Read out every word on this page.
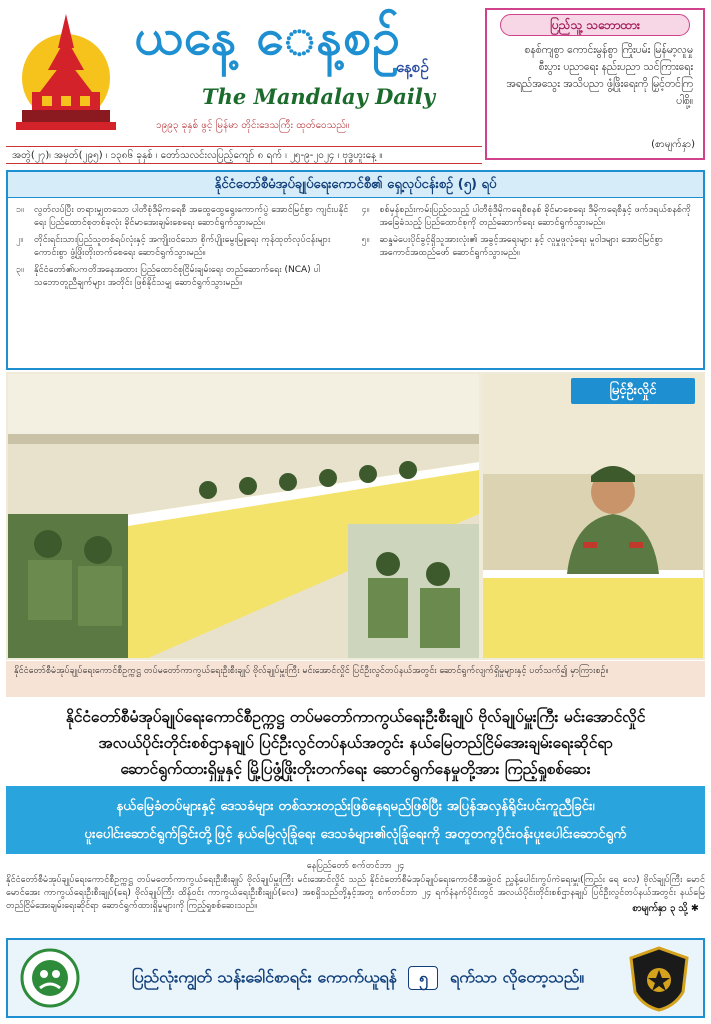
ယနေ့ ေန့စဉ်
နေ့စဉ်
The Mandalay Daily
၁၉၉၃ ခုနှစ် ဖွင့် မြန်မာ တိုင်းဒေသကြီး ထုတ်ဝေသည်။
ပြည်သူ့ သဘောထား

စနစ်ကျစွာ ကောင်းမွန်စွာ ကြိုးပမ်း မြန်မာ့လူမှု စီးပွား ပညာရေး နည်းပညာ သင်ကြားရေး အရည်အသွေး အသိပညာ ဖွံ့ဖြိုးရေးကို မြှင့်တင်ကြပါစို့။

(စာမျက်နှာ)
အတွဲ(၂၇)၊ အမှတ်(၂၉၅) ၊ ၁၃၈၆ ခုနှစ် ၊ တော်သလင်းလပြည့်ကျော် ၈ ရက် ၊ ၂၅-၉-၂၀၂၄ ၊ ဗုဒ္ဓဟူးနေ့ ။
နိုင်ငံတော်စီမံအုပ်ချုပ်ရေးကောင်စီ၏ ရှေ့လုပ်ငန်းစဉ် (၅) ရပ်
၁။	လွတ်လပ်ပြီး တရားမျှတသော ပါတီစုံဒီမိုကရေစီ အထွေထွေရွေးကောက်ပွဲ အောင်မြင်စွာ ကျင်းပနိုင်ရေး ပြည်ထောင်စုတစ်ခုလုံး ခိုင်မာအေးချမ်းစေရေး ဆောင်ရွက်သွားမည်။
၂။	တိုင်းရင်းသားပြည်သူတစ်ရပ်လုံးနှင့် အကျိုးဝင်သော စိုက်ပျိုးမွေးမြူရေး ကုန်ထုတ်လုပ်ငန်းများ ကောင်းစွာ ဖွံ့ဖြိုးတိုးတက်စေရေး ဆောင်ရွက်သွားမည်။
၃။	နိုင်ငံတော်၏ပကတိအနေအထား ပြည်ထောင်စုငြိမ်းချမ်းရေး တည်ဆောက်ရေး (NCA) ပါ သဘောတူညီချက်များ အတိုင်း ဖြစ်နိုင်သမျှ ဆောင်ရွက်သွားမည်။
၄။	စစ်မှန်စည်းကမ်းပြည့်ဝသည့် ပါတီစုံဒီမိုကရေစီစနစ် ခိုင်မာစေရေး ဒီမိုကရေစီနှင့် ဖက်ဒရယ်စနစ်ကို အခြေခံသည့် ပြည်ထောင်စုကို တည်ဆောက်ရေး ဆောင်ရွက်သွားမည်။
၅။	ဆန္ဒမဲပေးပိုင်ခွင့်ရှိသူအားလုံး၏ အခွင့်အရေးများ နှင့် လူမှုဖူလုံရေး မူဝါဒများ အောင်မြင်စွာ အကောင်အထည်ဖော် ဆောင်ရွက်သွားမည်။
မြင့်ဦးလှိုင်
နိုင်ငံတော်စီမံအုပ်ချုပ်ရေးကောင်စီဥက္ကဋ္ဌ တပ်မတော်ကာကွယ်ရေးဦးစီးချုပ် ဗိုလ်ချုပ်မှူးကြီး မင်းအောင်လှိုင် ပြင်ဦးလွင်တပ်နယ်အတွင်း ဆောင်ရွက်လျက်ရှိမှုများနှင့် ပတ်သက်၍ မှာကြားစဉ်။
နိုင်ငံတော်စီမံအုပ်ချုပ်ရေးကောင်စီဥက္ကဋ္ဌ တပ်မတော်ကာကွယ်ရေးဦးစီးချုပ် ဗိုလ်ချုပ်မှူးကြီး မင်းအောင်လှိုင်
အလယ်ပိုင်းတိုင်းစစ်ဌာနချုပ် ပြင်ဦးလွင်တပ်နယ်အတွင်း နယ်မြေတည်ငြိမ်အေးချမ်းရေးဆိုင်ရာ
ဆောင်ရွက်ထားရှိမှုနှင့် မြို့ပြဖွံ့ဖြိုးတိုးတက်ရေး ဆောင်ရွက်နေမှုတို့အား ကြည့်ရှုစစ်ဆေး
နယ်မြေခံတပ်များနှင့် ဒေသခံများ တစ်သားတည်းဖြစ်နေရမည်ဖြစ်ပြီး အပြန်အလှန်ရိုင်းပင်းကူညီခြင်း၊
ပူးပေါင်းဆောင်ရွက်ခြင်းတို့ဖြင့် နယ်မြေလုံခြုံရေး ဒေသခံများ၏လုံခြုံရေးကို အတူတကွပိုင်းဝန်းပူးပေါင်းဆောင်ရွက်
နေပြည်တော် စက်တင်ဘာ ၂၄

နိုင်ငံတော်စီမံအုပ်ချုပ်ရေးကောင်စီဥက္ကဋ္ဌ တပ်မတော်ကာကွယ်ရေးဦးစီးချုပ် ဗိုလ်ချုပ်မှူးကြီး မင်းအောင်လှိုင် သည် နိုင်ငံတော်စီမံအုပ်ချုပ်ရေးကောင်စီအဖွဲ့ဝင် ညွှန့်ပေါင်းကွပ်ကဲရေးမှူး(ကြည်း ရေ လေ) ဗိုလ်ချုပ်ကြီး မောင်မောင်အေး ကာကွယ်ရေးဦးစီးချုပ်(ရေ) ဗိုလ်ချုပ်ကြီး ထိန်ဝင်း ကာကွယ်ရေးဦးစီးချုပ်(လေ) အစရှိသည်တို့နှင့်အတူ စက်တင်ဘာ ၂၄ ရက်နံနက်ပိုင်းတွင် အလယ်ပိုင်းတိုင်းစစ်ဌာနချုပ် ပြင်ဦးလွင်တပ်နယ်အတွင်း နယ်မြေတည်ငြိမ်အေးချမ်းရေးဆိုင်ရာ ဆောင်ရွက်ထားရှိမှုများကို ကြည့်ရှုစစ်ဆေးသည်။	စာမျက်နှာ ၃ သို့ ✱
ပြည်လုံးကျွတ် သန်းခေါင်စာရင်း ကောက်ယူရန် ၅ ရက်သာ လိုတော့သည်။
